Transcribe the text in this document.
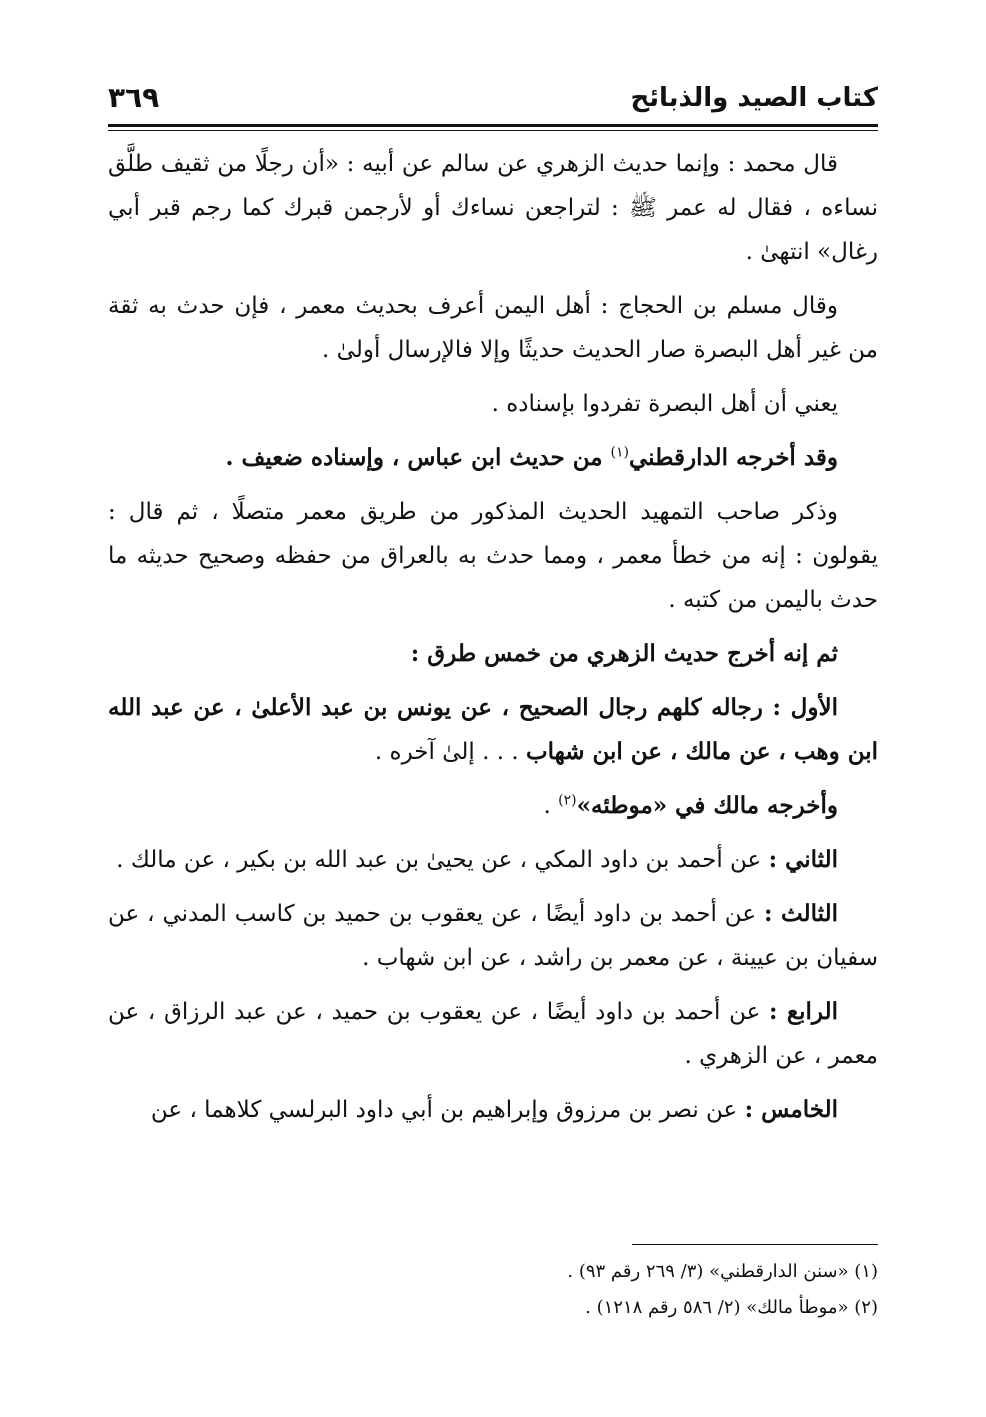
كتاب الصيد والذبائح
٣٦٩

قال محمد : وإنما حديث الزهري عن سالم عن أبيه : «أن رجلًا من ثقيف طلَّق نساءه ، فقال له عمر ﷺ : لتراجعن نساءك أو لأرجمن قبرك كما رجم قبر أبي رغال» انتهىٰ .

وقال مسلم بن الحجاج : أهل اليمن أعرف بحديث معمر ، فإن حدث به ثقة من غير أهل البصرة صار الحديث حديثًا وإلا فالإرسال أولىٰ .

يعني أن أهل البصرة تفردوا بإسناده .

وقد أخرجه الدارقطني$^{(١)}$ من حديث ابن عباس ، وإسناده ضعيف .

وذكر صاحب التمهيد الحديث المذكور من طريق معمر متصلًا ، ثم قال : يقولون : إنه من خطأ معمر ، ومما حدث به بالعراق من حفظه وصحيح حديثه ما حدث باليمن من كتبه .

ثم إنه أخرج حديث الزهري من خمس طرق :

الأول : رجاله كلهم رجال الصحيح ، عن يونس بن عبد الأعلىٰ ، عن عبد الله ابن وهب ، عن مالك ، عن ابن شهاب . . . إلىٰ آخره .

وأخرجه مالك في «موطئه»$^{(٢)}$ .

الثاني : عن أحمد بن داود المكي ، عن يحيىٰ بن عبد الله بن بكير ، عن مالك .

الثالث : عن أحمد بن داود أيضًا ، عن يعقوب بن حميد بن كاسب المدني ، عن سفيان بن عيينة ، عن معمر بن راشد ، عن ابن شهاب .

الرابع : عن أحمد بن داود أيضًا ، عن يعقوب بن حميد ، عن عبد الرزاق ، عن معمر ، عن الزهري .

الخامس : عن نصر بن مرزوق وإبراهيم بن أبي داود البرلسي كلاهما ، عن

(١) «سنن الدارقطني» (٣/ ٢٦٩ رقم ٩٣) .
(٢) «موطأ مالك» (٢/ ٥٨٦ رقم ١٢١٨) .
